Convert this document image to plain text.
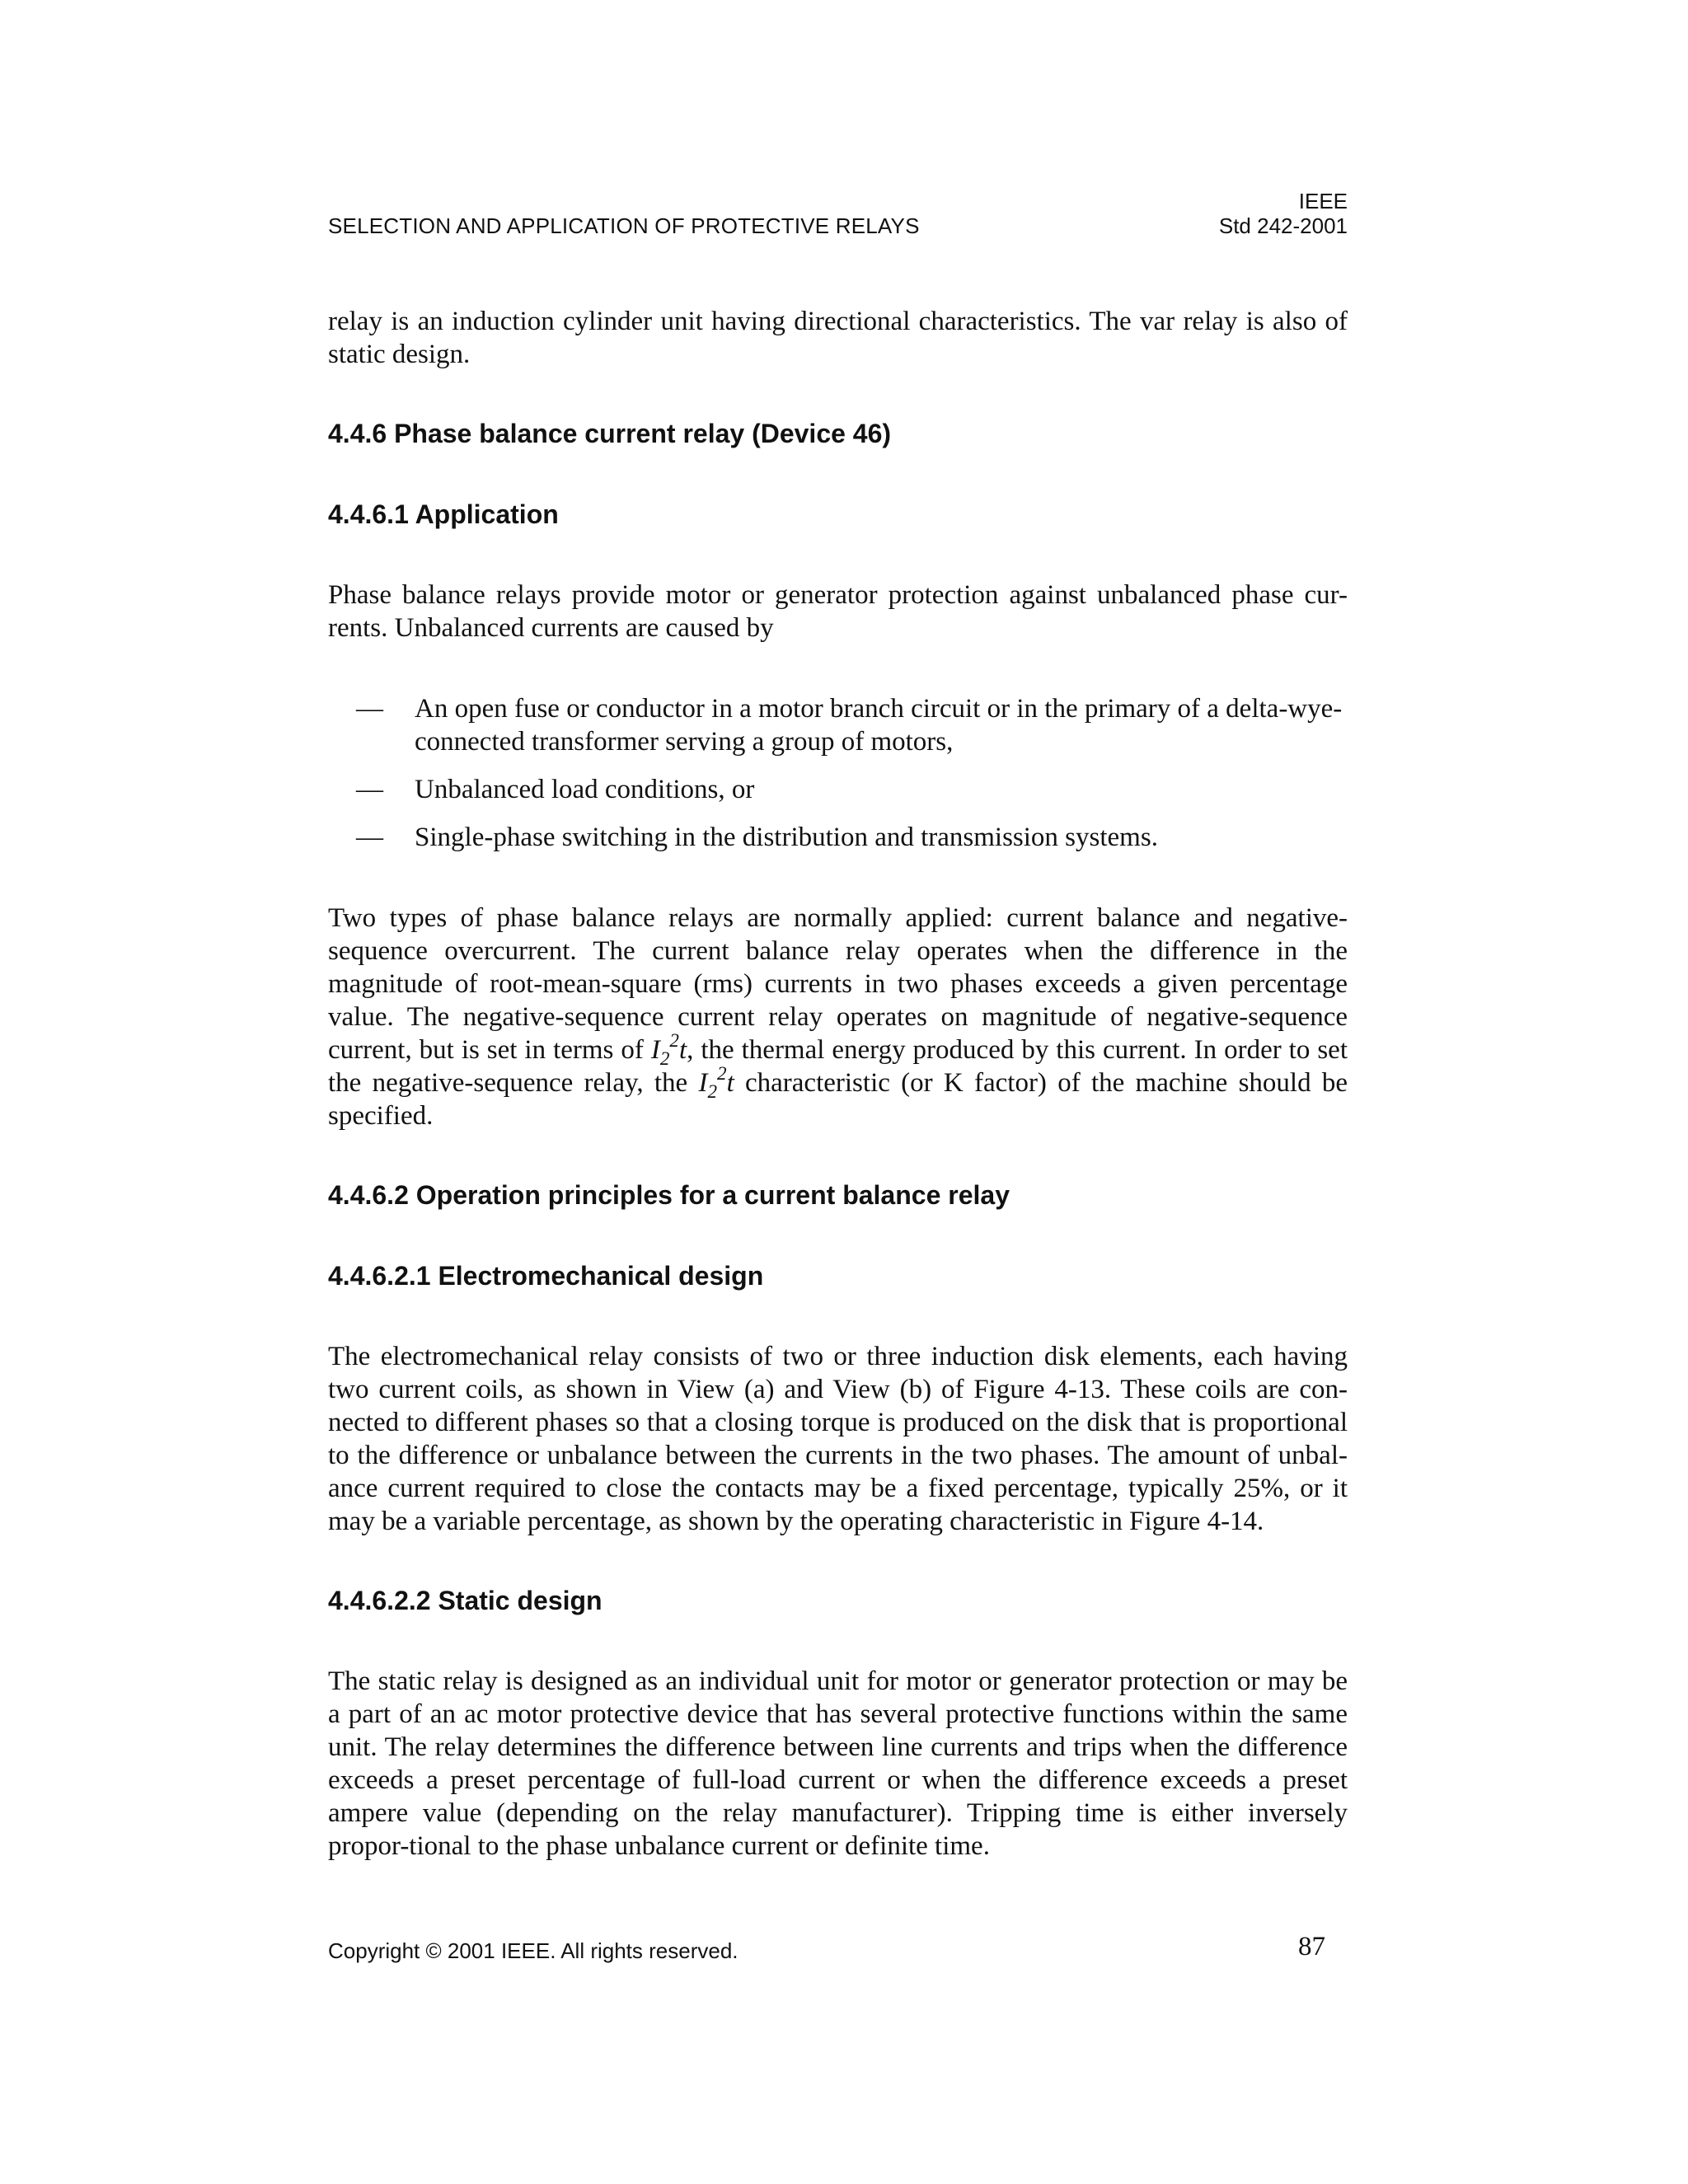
SELECTION AND APPLICATION OF PROTECTIVE RELAYS
IEEE
Std 242-2001

relay is an induction cylinder unit having directional characteristics. The var relay is also of static design.

4.4.6 Phase balance current relay (Device 46)
4.4.6.1 Application

Phase balance relays provide motor or generator protection against unbalanced phase cur-rents. Unbalanced currents are caused by

—	An open fuse or conductor in a motor branch circuit or in the primary of a delta-wye-connected transformer serving a group of motors,
—	Unbalanced load conditions, or
—	Single-phase switching in the distribution and transmission systems.

Two types of phase balance relays are normally applied: current balance and negative-sequence overcurrent. The current balance relay operates when the difference in the magnitude of root-mean-square (rms) currents in two phases exceeds a given percentage value. The negative-sequence current relay operates on magnitude of negative-sequence current, but is set in terms of $I_2^2t$, the thermal energy produced by this current. In order to set the negative-sequence relay, the $I_2^2t$ characteristic (or K factor) of the machine should be specified.

4.4.6.2 Operation principles for a current balance relay
4.4.6.2.1 Electromechanical design

The electromechanical relay consists of two or three induction disk elements, each having two current coils, as shown in View (a) and View (b) of Figure 4-13. These coils are con-nected to different phases so that a closing torque is produced on the disk that is proportional to the difference or unbalance between the currents in the two phases. The amount of unbal-ance current required to close the contacts may be a fixed percentage, typically 25%, or it may be a variable percentage, as shown by the operating characteristic in Figure 4-14.

4.4.6.2.2 Static design

The static relay is designed as an individual unit for motor or generator protection or may be a part of an ac motor protective device that has several protective functions within the same unit. The relay determines the difference between line currents and trips when the difference exceeds a preset percentage of full-load current or when the difference exceeds a preset ampere value (depending on the relay manufacturer). Tripping time is either inversely propor-tional to the phase unbalance current or definite time.

Copyright © 2001 IEEE. All rights reserved.	87
